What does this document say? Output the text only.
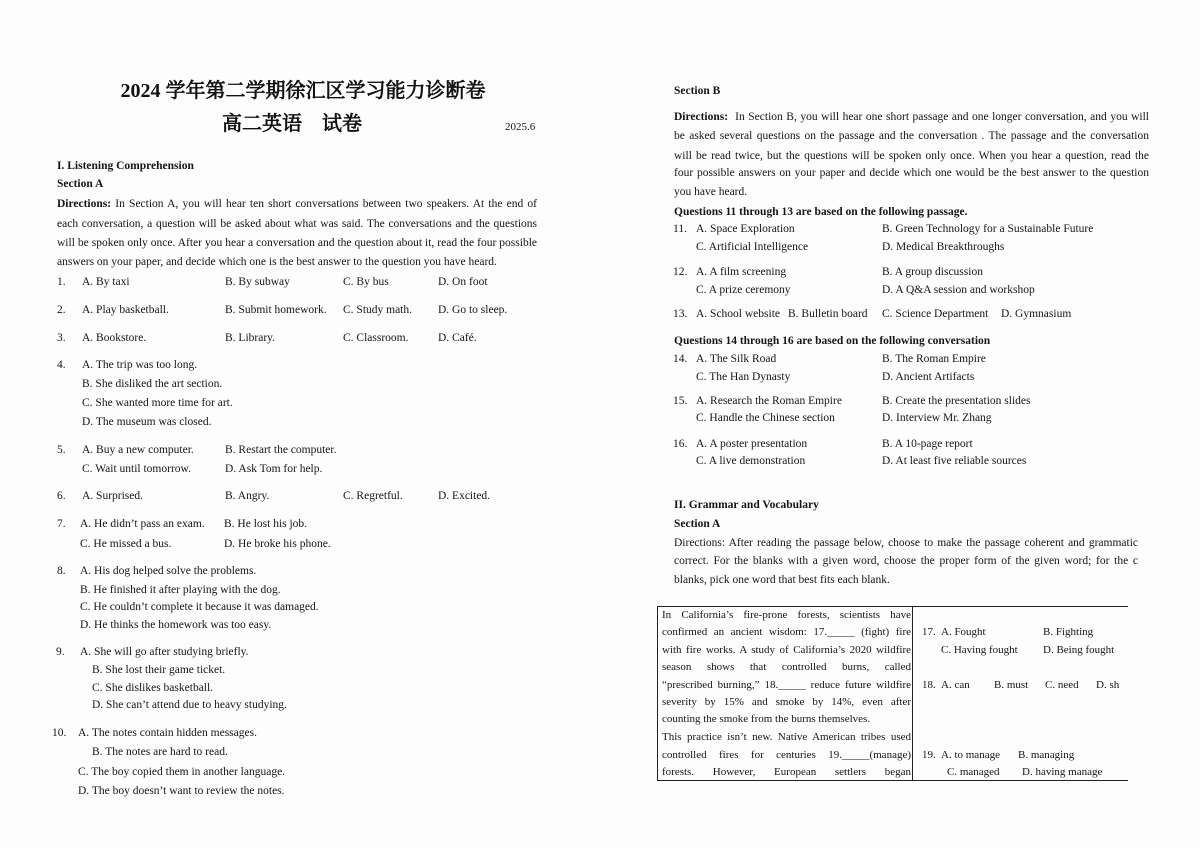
2024 学年第二学期徐汇区学习能力诊断卷
高二英语　试卷	2025.6
I. Listening Comprehension
Section A
Directions: In Section A, you will hear ten short conversations between two speakers. At the end of
each conversation, a question will be asked about what was said. The conversations and the questions
will be spoken only once. After you hear a conversation and the question about it, read the four possible
answers on your paper, and decide which one is the best answer to the question you have heard.
1. A. By taxi	B. By subway	C. By bus	D. On foot
2. A. Play basketball.	B. Submit homework. C. Study math. D. Go to sleep.
3. A. Bookstore.	B. Library.	C. Classroom.	D. Café.
4. A. The trip was too long.
B. She disliked the art section.
C. She wanted more time for art.
D. The museum was closed.
5. A. Buy a new computer.	B. Restart the computer.
C. Wait until tomorrow.	D. Ask Tom for help.
6. A. Surprised.	B. Angry.	C. Regretful.	D. Excited.
7. A. He didn’t pass an exam. B. He lost his job.
C. He missed a bus.	D. He broke his phone.
8. A. His dog helped solve the problems.
B. He finished it after playing with the dog.
C. He couldn’t complete it because it was damaged.
D. He thinks the homework was too easy.
9. A. She will go after studying briefly.
B. She lost their game ticket.
C. She dislikes basketball.
D. She can’t attend due to heavy studying.
10. A. The notes contain hidden messages.
B. The notes are hard to read.
C. The boy copied them in another language.
D. The boy doesn’t want to review the notes.
Section B
Directions: In Section B, you will hear one short passage and one longer conversation, and you will
be asked several questions on the passage and the conversation . The passage and the conversation
will be read twice, but the questions will be spoken only once. When you hear a question, read the
four possible answers on your paper and decide which one would be the best answer to the question
you have heard.
Questions 11 through 13 are based on the following passage.
11. A. Space Exploration	B. Green Technology for a Sustainable Future
C. Artificial Intelligence	D. Medical Breakthroughs
12. A. A film screening	B. A group discussion
C. A prize ceremony	D. A Q&A session and workshop
13. A. School website B. Bulletin board C. Science Department D. Gymnasium
Questions 14 through 16 are based on the following conversation
14. A. The Silk Road	B. The Roman Empire
C. The Han Dynasty	D. Ancient Artifacts
15. A. Research the Roman Empire	B. Create the presentation slides
C. Handle the Chinese section	D. Interview Mr. Zhang
16. A. A poster presentation	B. A 10-page report
C. A live demonstration	D. At least five reliable sources
II. Grammar and Vocabulary
Section A
Directions: After reading the passage below, choose to make the passage coherent and grammatic
correct. For the blanks with a given word, choose the proper form of the given word; for the c
blanks, pick one word that best fits each blank.
In California’s fire-prone forests, scientists have
confirmed an ancient wisdom: 17._____ (fight) fire
with fire works. A study of California’s 2020 wildfire
season shows that controlled burns, called
“prescribed burning,” 18._____ reduce future wildfire
severity by 15% and smoke by 14%, even after
counting the smoke from the burns themselves.
This practice isn’t new. Native American tribes used
controlled fires for centuries 19._____(manage)
forests. However, European settlers began
17. A. Fought	B. Fighting
C. Having fought D. Being fought
18. A. can B. must C. need D. sh
19. A. to manage B. managing
C. managed D. having manage
